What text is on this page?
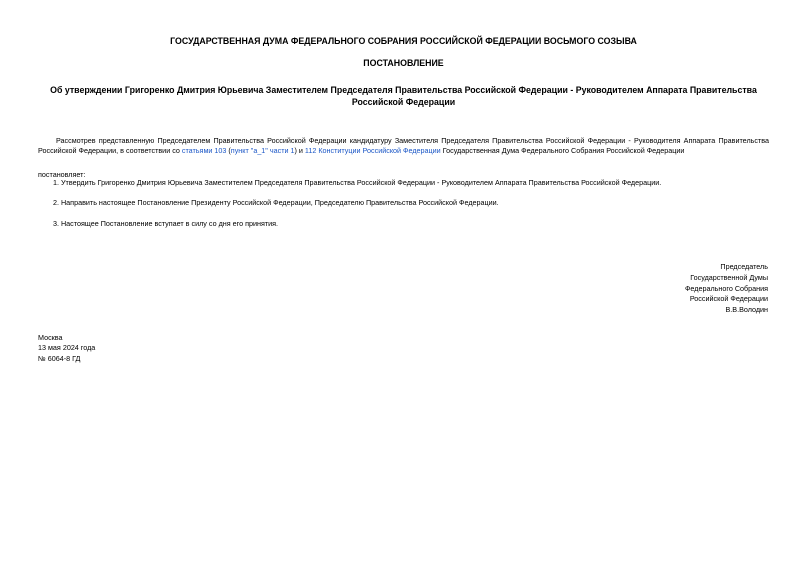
ГОСУДАРСТВЕННАЯ ДУМА ФЕДЕРАЛЬНОГО СОБРАНИЯ РОССИЙСКОЙ ФЕДЕРАЦИИ ВОСЬМОГО СОЗЫВА
ПОСТАНОВЛЕНИЕ
Об утверждении Григоренко Дмитрия Юрьевича Заместителем Председателя Правительства Российской Федерации - Руководителем Аппарата Правительства Российской Федерации
Рассмотрев представленную Председателем Правительства Российской Федерации кандидатуру Заместителя Председателя Правительства Российской Федерации - Руководителя Аппарата Правительства Российской Федерации, в соответствии со статьями 103 (пункт "а_1" части 1) и 112 Конституции Российской Федерации Государственная Дума Федерального Собрания Российской Федерации
постановляет:
1. Утвердить Григоренко Дмитрия Юрьевича Заместителем Председателя Правительства Российской Федерации - Руководителем Аппарата Правительства Российской Федерации.
2. Направить настоящее Постановление Президенту Российской Федерации, Председателю Правительства Российской Федерации.
3. Настоящее Постановление вступает в силу со дня его принятия.
Председатель
Государственной Думы
Федерального Собрания
Российской Федерации
В.В.Володин
Москва
13 мая 2024 года
№ 6064-8 ГД
